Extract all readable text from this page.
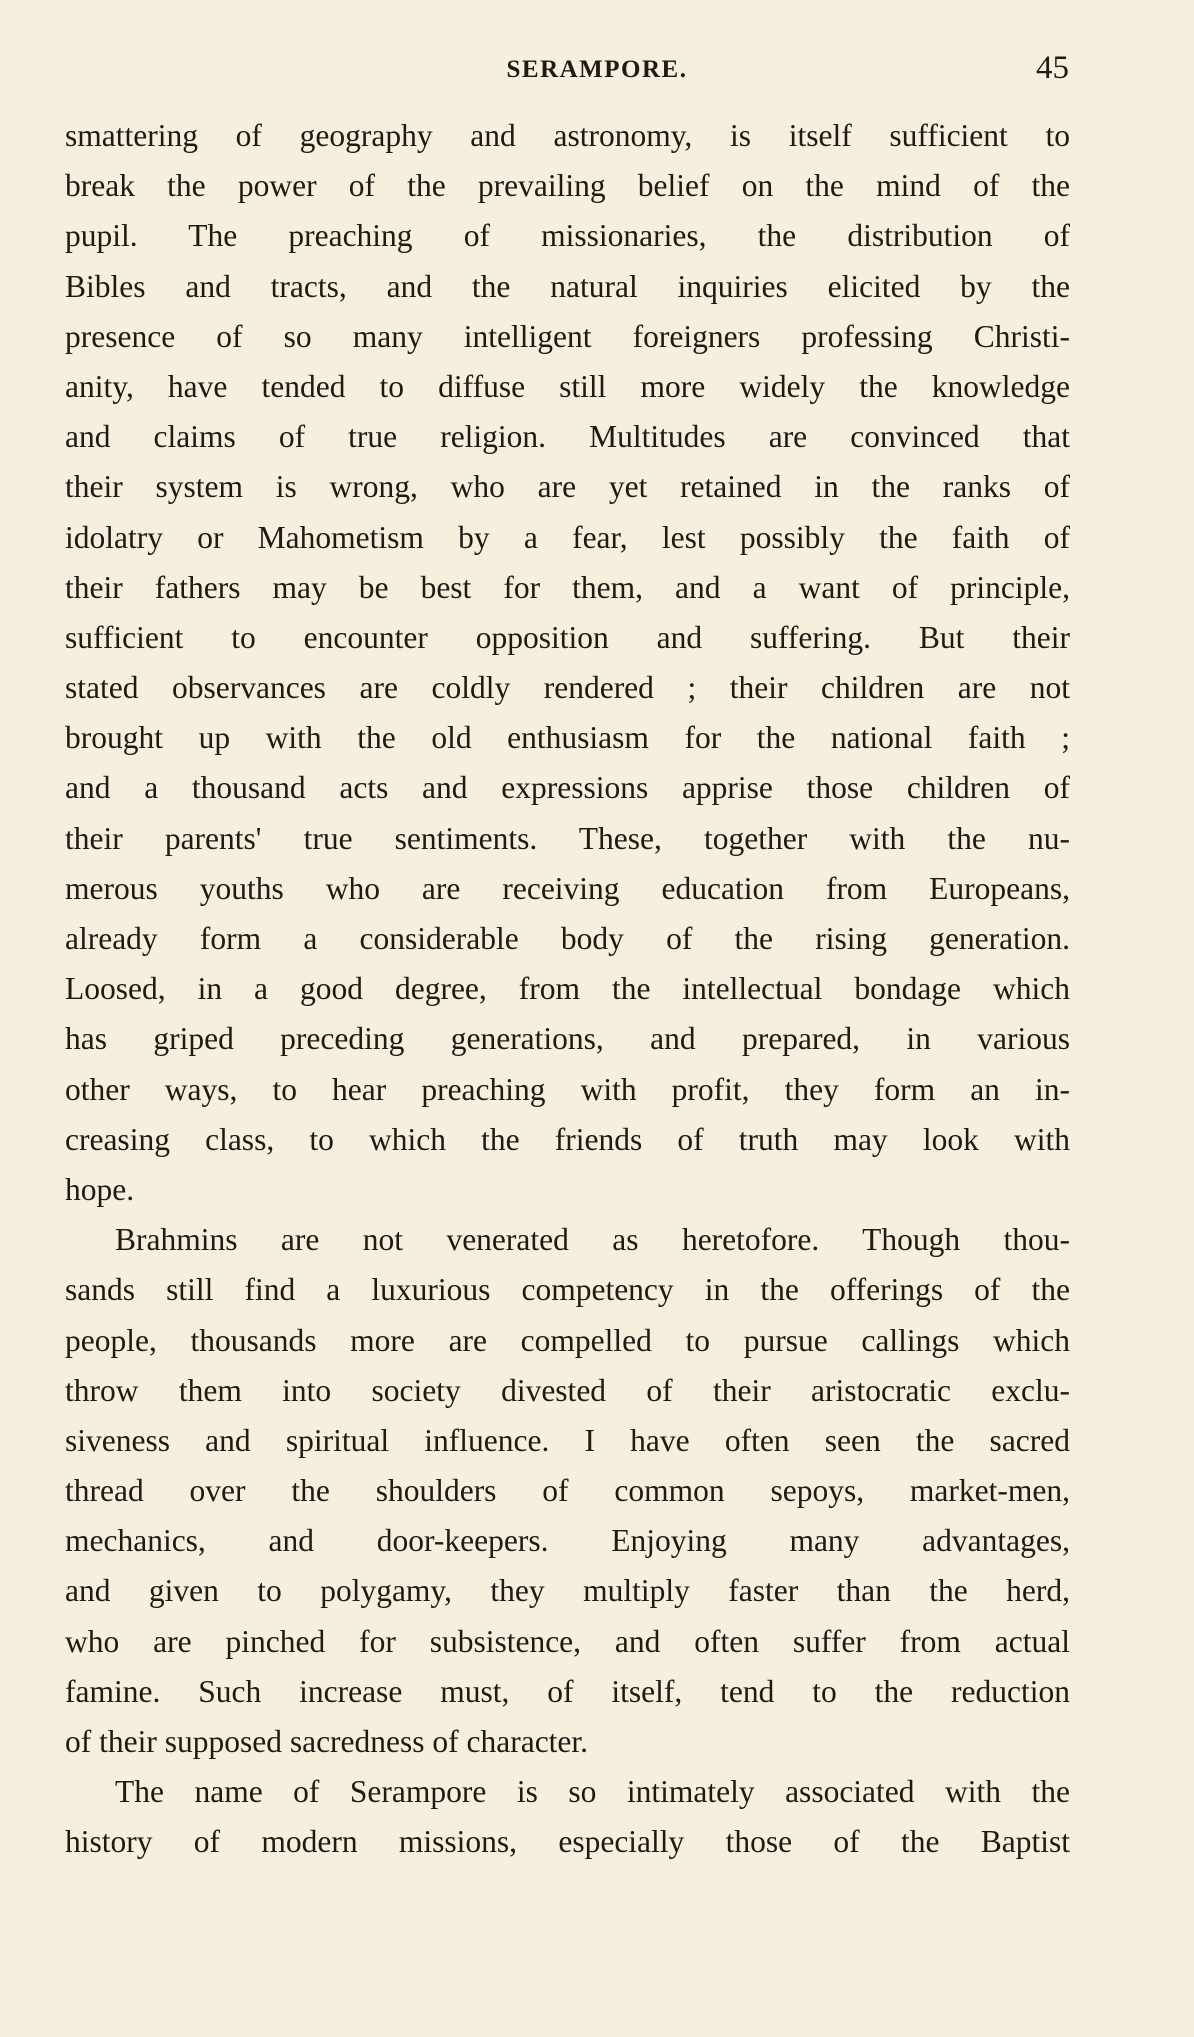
SERAMPORE.	45
smattering of geography and astronomy, is itself sufficient to
break the power of the prevailing belief on the mind of the
pupil. The preaching of missionaries, the distribution of
Bibles and tracts, and the natural inquiries elicited by the
presence of so many intelligent foreigners professing Christi-
anity, have tended to diffuse still more widely the knowledge
and claims of true religion. Multitudes are convinced that
their system is wrong, who are yet retained in the ranks of
idolatry or Mahometism by a fear, lest possibly the faith of
their fathers may be best for them, and a want of principle,
sufficient to encounter opposition and suffering. But their
stated observances are coldly rendered ; their children are not
brought up with the old enthusiasm for the national faith ;
and a thousand acts and expressions apprise those children of
their parents' true sentiments. These, together with the nu-
merous youths who are receiving education from Europeans,
already form a considerable body of the rising generation.
Loosed, in a good degree, from the intellectual bondage which
has griped preceding generations, and prepared, in various
other ways, to hear preaching with profit, they form an in-
creasing class, to which the friends of truth may look with
hope.
Brahmins are not venerated as heretofore. Though thou-
sands still find a luxurious competency in the offerings of the
people, thousands more are compelled to pursue callings which
throw them into society divested of their aristocratic exclu-
siveness and spiritual influence. I have often seen the sacred
thread over the shoulders of common sepoys, market-men,
mechanics, and door-keepers. Enjoying many advantages,
and given to polygamy, they multiply faster than the herd,
who are pinched for subsistence, and often suffer from actual
famine. Such increase must, of itself, tend to the reduction
of their supposed sacredness of character.
The name of Serampore is so intimately associated with the
history of modern missions, especially those of the Baptist
